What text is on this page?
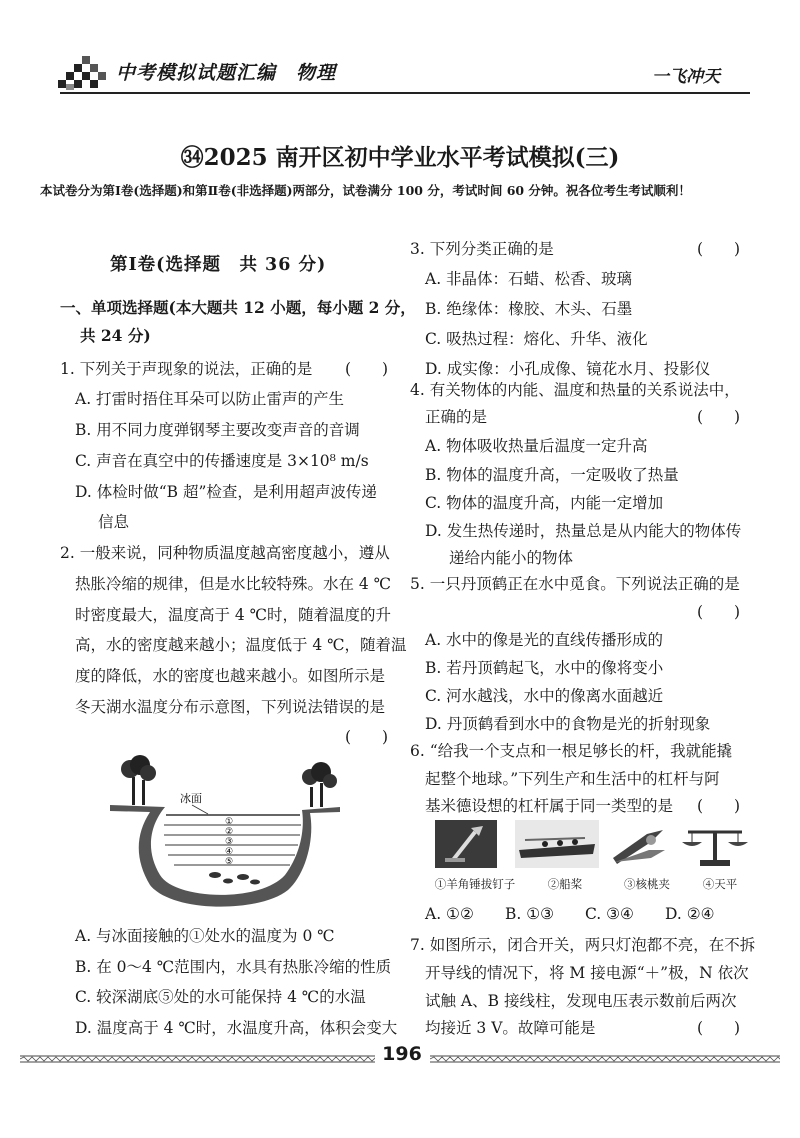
中考模拟试题汇编　物理	一飞冲天
㉞2025 南开区初中学业水平考试模拟(三)
本试卷分为第Ⅰ卷(选择题)和第Ⅱ卷(非选择题)两部分，试卷满分 100 分，考试时间 60 分钟。祝各位考生考试顺利！
第Ⅰ卷(选择题　共 36 分)
一、单项选择题(本大题共 12 小题，每小题 2 分，
共 24 分)
1. 下列关于声现象的说法，正确的是 (　　)
A. 打雷时捂住耳朵可以防止雷声的产生
B. 用不同力度弹钢琴主要改变声音的音调
C. 声音在真空中的传播速度是 3×10⁸ m/s
D. 体检时做“B 超”检查，是利用超声波传递
信息
2. 一般来说，同种物质温度越高密度越小，遵从
热胀冷缩的规律，但是水比较特殊。水在 4 ℃
时密度最大，温度高于 4 ℃时，随着温度的升
高，水的密度越来越小；温度低于 4 ℃，随着温
度的降低，水的密度也越来越小。如图所示是
冬天湖水温度分布示意图，下列说法错误的是
(　　)
冰面
①
②
③
④
⑤
A. 与冰面接触的①处水的温度为 0 ℃
B. 在 0～4 ℃范围内，水具有热胀冷缩的性质
C. 较深湖底⑤处的水可能保持 4 ℃的水温
D. 温度高于 4 ℃时，水温度升高，体积会变大
3. 下列分类正确的是	(　　)
A. 非晶体：石蜡、松香、玻璃
B. 绝缘体：橡胶、木头、石墨
C. 吸热过程：熔化、升华、液化
D. 成实像：小孔成像、镜花水月、投影仪
4. 有关物体的内能、温度和热量的关系说法中，
正确的是	(　　)
A. 物体吸收热量后温度一定升高
B. 物体的温度升高，一定吸收了热量
C. 物体的温度升高，内能一定增加
D. 发生热传递时，热量总是从内能大的物体传
递给内能小的物体
5. 一只丹顶鹤正在水中觅食。下列说法正确的是
(　　)
A. 水中的像是光的直线传播形成的
B. 若丹顶鹤起飞，水中的像将变小
C. 河水越浅，水中的像离水面越近
D. 丹顶鹤看到水中的食物是光的折射现象
6. “给我一个支点和一根足够长的杆，我就能撬
起整个地球。”下列生产和生活中的杠杆与阿
基米德设想的杠杆属于同一类型的是 (　　)
①羊角锤拔钉子	②船桨	③核桃夹	④天平
A. ①② B. ①③ C. ③④ D. ②④
7. 如图所示，闭合开关，两只灯泡都不亮，在不拆
开导线的情况下，将 M 接电源“＋”极，N 依次
试触 A、B 接线柱，发现电压表示数前后两次
均接近 3 V。故障可能是	(　　)
196
